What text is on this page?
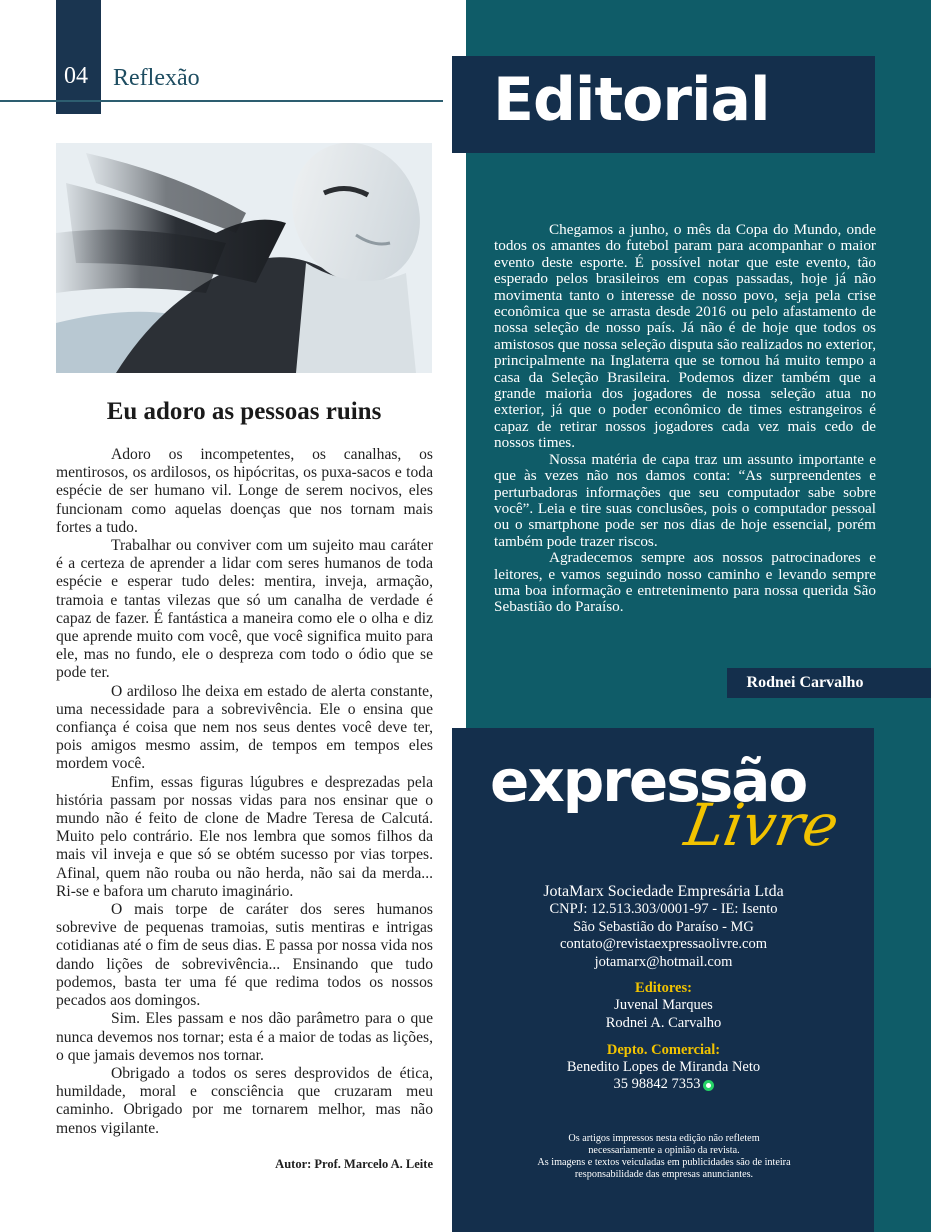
04 Reflexão
Eu adoro as pessoas ruins

Adoro os incompetentes, os canalhas, os mentirosos, os ardilosos, os hipócritas, os puxa-sacos e toda espécie de ser humano vil. Longe de serem nocivos, eles funcionam como aquelas doenças que nos tornam mais fortes a tudo.

Trabalhar ou conviver com um sujeito mau caráter é a certeza de aprender a lidar com seres humanos de toda espécie e esperar tudo deles: mentira, inveja, armação, tramoia e tantas vilezas que só um canalha de verdade é capaz de fazer. É fantástica a maneira como ele o olha e diz que aprende muito com você, que você significa muito para ele, mas no fundo, ele o despreza com todo o ódio que se pode ter.

O ardiloso lhe deixa em estado de alerta constante, uma necessidade para a sobrevivência. Ele o ensina que confiança é coisa que nem nos seus dentes você deve ter, pois amigos mesmo assim, de tempos em tempos eles mordem você.

Enfim, essas figuras lúgubres e desprezadas pela história passam por nossas vidas para nos ensinar que o mundo não é feito de clone de Madre Teresa de Calcutá. Muito pelo contrário. Ele nos lembra que somos filhos da mais vil inveja e que só se obtém sucesso por vias torpes. Afinal, quem não rouba ou não herda, não sai da merda... Ri-se e bafora um charuto imaginário.

O mais torpe de caráter dos seres humanos sobrevive de pequenas tramoias, sutis mentiras e intrigas cotidianas até o fim de seus dias. E passa por nossa vida nos dando lições de sobrevivência... Ensinando que tudo podemos, basta ter uma fé que redima todos os nossos pecados aos domingos.

Sim. Eles passam e nos dão parâmetro para o que nunca devemos nos tornar; esta é a maior de todas as lições, o que jamais devemos nos tornar.

Obrigado a todos os seres desprovidos de ética, humildade, moral e consciência que cruzaram meu caminho. Obrigado por me tornarem melhor, mas não menos vigilante.

Autor: Prof. Marcelo A. Leite
Editorial

Chegamos a junho, o mês da Copa do Mundo, onde todos os amantes do futebol param para acompanhar o maior evento deste esporte. É possível notar que este evento, tão esperado pelos brasileiros em copas passadas, hoje já não movimenta tanto o interesse de nosso povo, seja pela crise econômica que se arrasta desde 2016 ou pelo afastamento de nossa seleção de nosso país. Já não é de hoje que todos os amistosos que nossa seleção disputa são realizados no exterior, principalmente na Inglaterra que se tornou há muito tempo a casa da Seleção Brasileira. Podemos dizer também que a grande maioria dos jogadores de nossa seleção atua no exterior, já que o poder econômico de times estrangeiros é capaz de retirar nossos jogadores cada vez mais cedo de nossos times.

Nossa matéria de capa traz um assunto importante e que às vezes não nos damos conta: “As surpreendentes e perturbadoras informações que seu computador sabe sobre você”. Leia e tire suas conclusões, pois o computador pessoal ou o smartphone pode ser nos dias de hoje essencial, porém também pode trazer riscos.

Agradecemos sempre aos nossos patrocinadores e leitores, e vamos seguindo nosso caminho e levando sempre uma boa informação e entretenimento para nossa querida São Sebastião do Paraíso.

Rodnei Carvalho
expressão
Livre
JotaMarx Sociedade Empresária Ltda
CNPJ: 12.513.303/0001-97 - IE: Isento
São Sebastião do Paraíso - MG
contato@revistaexpressaolivre.com
jotamarx@hotmail.com
Editores:
Juvenal Marques
Rodnei A. Carvalho
Depto. Comercial:
Benedito Lopes de Miranda Neto
35 98842 7353
Os artigos impressos nesta edição não refletem
necessariamente a opinião da revista.
As imagens e textos veiculadas em publicidades são de inteira
responsabilidade das empresas anunciantes.
